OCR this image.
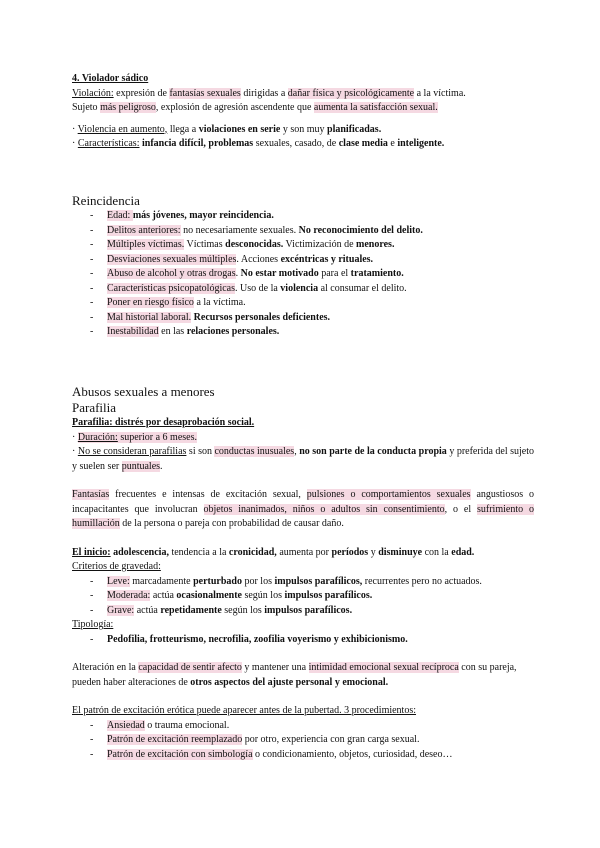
4. Violador sádico

Violación: expresión de fantasías sexuales dirigidas a dañar física y psicológicamente a la víctima.

Sujeto más peligroso, explosión de agresión ascendente que aumenta la satisfacción sexual.

· Violencia en aumento, llega a violaciones en serie y son muy planificadas.

· Características: infancia difícil, problemas sexuales, casado, de clase media e inteligente.

Reincidencia

- Edad: más jóvenes, mayor reincidencia.
- Delitos anteriores: no necesariamente sexuales. No reconocimiento del delito.
- Múltiples víctimas. Víctimas desconocidas. Victimización de menores.
- Desviaciones sexuales múltiples. Acciones excéntricas y rituales.
- Abuso de alcohol y otras drogas. No estar motivado para el tratamiento.
- Características psicopatológicas. Uso de la violencia al consumar el delito.
- Poner en riesgo físico a la víctima.
- Mal historial laboral. Recursos personales deficientes.
- Inestabilidad en las relaciones personales.

Abusos sexuales a menores

Parafilia

Parafilia: distrés por desaprobación social.

· Duración: superior a 6 meses.

· No se consideran parafilias si son conductas inusuales, no son parte de la conducta propia y preferida del sujeto y suelen ser puntuales.

Fantasías frecuentes e intensas de excitación sexual, pulsiones o comportamientos sexuales angustiosos o incapacitantes que involucran objetos inanimados, niños o adultos sin consentimiento, o el sufrimiento o humillación de la persona o pareja con probabilidad de causar daño.

El inicio: adolescencia, tendencia a la cronicidad, aumenta por períodos y disminuye con la edad.

Criterios de gravedad:

- Leve: marcadamente perturbado por los impulsos parafílicos, recurrentes pero no actuados.
- Moderada: actúa ocasionalmente según los impulsos parafílicos.
- Grave: actúa repetidamente según los impulsos parafílicos.

Tipología:

- Pedofilia, frotteurismo, necrofilia, zoofilia voyerismo y exhibicionismo.

Alteración en la capacidad de sentir afecto y mantener una intimidad emocional sexual recíproca con su pareja, pueden haber alteraciones de otros aspectos del ajuste personal y emocional.

El patrón de excitación erótica puede aparecer antes de la pubertad. 3 procedimientos:

- Ansiedad o trauma emocional.
- Patrón de excitación reemplazado por otro, experiencia con gran carga sexual.
- Patrón de excitación con simbología o condicionamiento, objetos, curiosidad, deseo…
